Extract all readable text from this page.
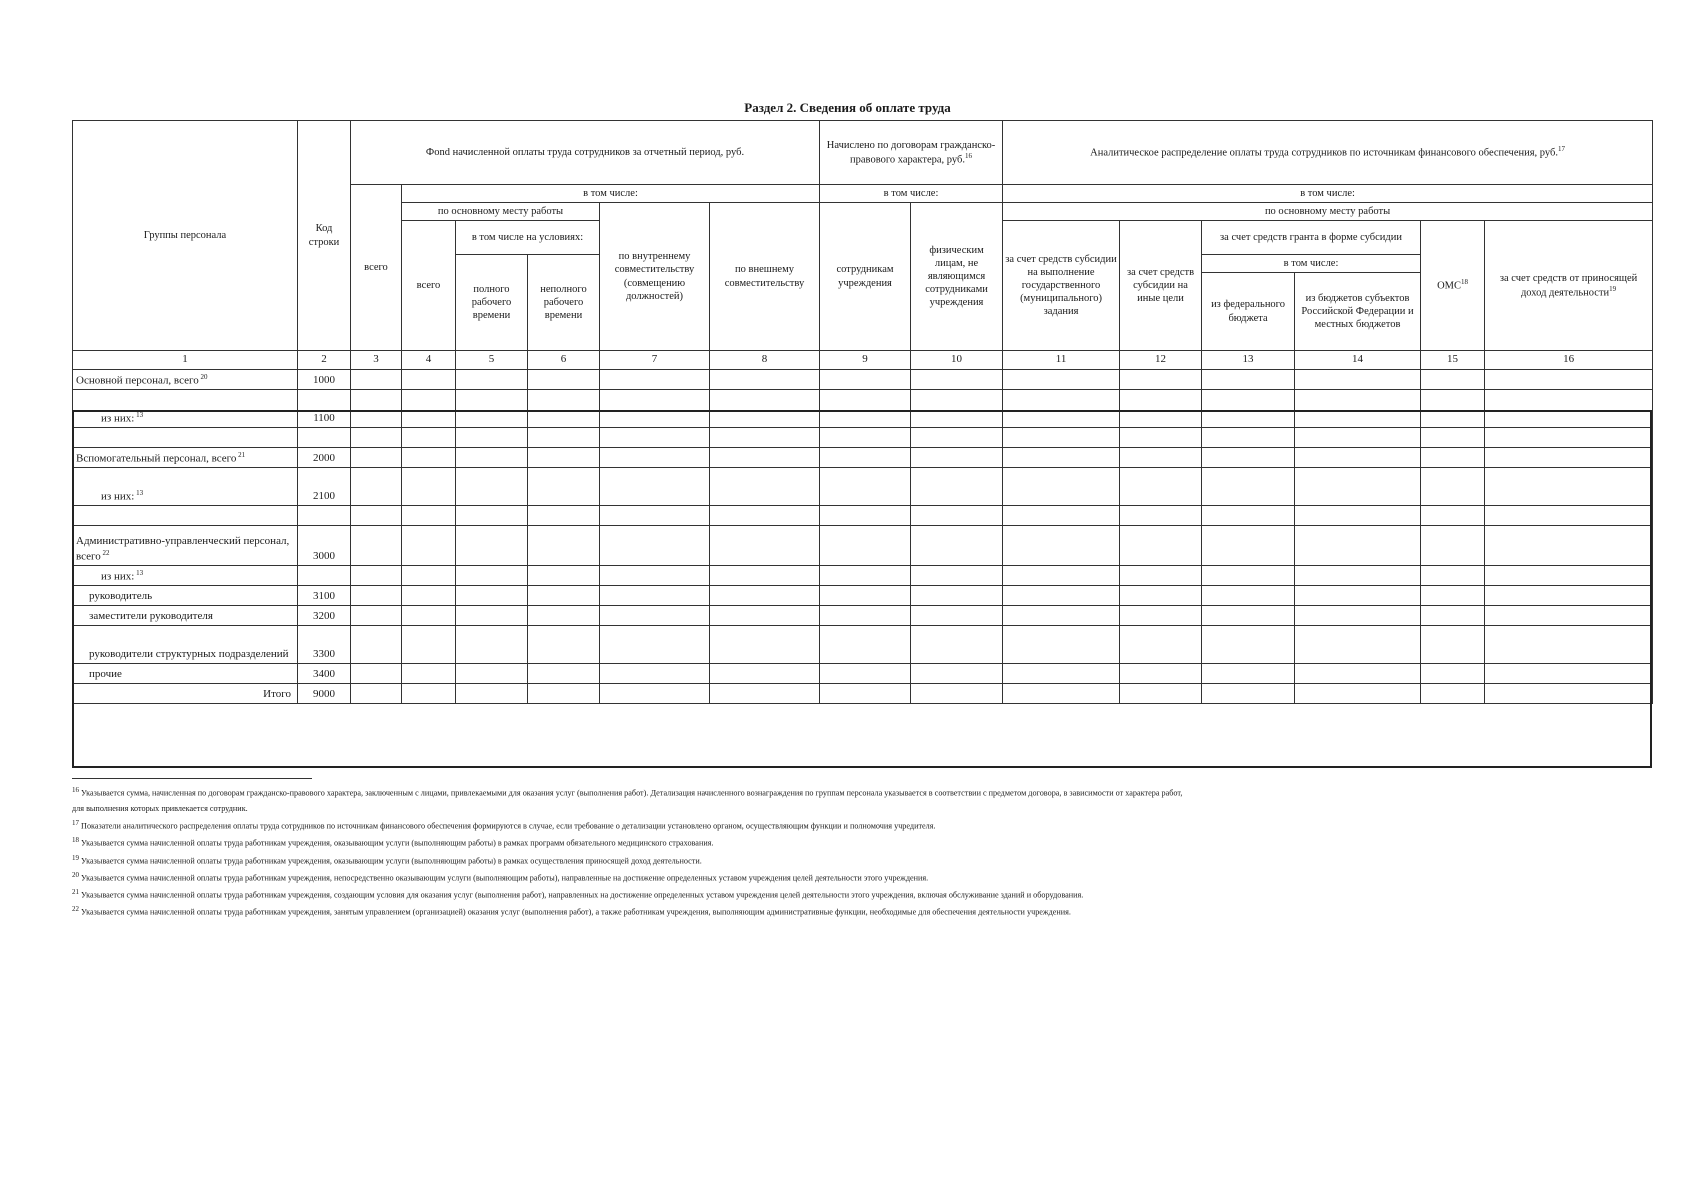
Раздел 2. Сведения об оплате труда
Группы персонала	Код строки	Фond начисленной оплаты труда сотрудников за отчетный период, руб.						Начислено по договорам гражданско-правового характера, руб.$^{16}$		Аналитическое распределение оплаты труда сотрудников по источникам финансового обеспечения, руб.$^{17}$
		всего	в том числе:					в том числе:		в том числе:					
			по основному месту работы			по внутреннему совместительству (совмещению должностей)	по внешнему совместительству	сотрудникам учреждения	физическим лицам, не являющимся сотрудниками учреждения	по основному месту работы					
			всего	в том числе на условиях:						за счет средств субсидии на выполнение государственного (муниципального) задания	за счет средств субсидии на иные цели	за счет средств гранта в форме субсидии		ОМС$^{18}$	за счет средств от приносящей доход деятельности$^{19}$
				полного рабочего времени	неполного рабочего времени							в том числе:			
												из федерального бюджета	из бюджетов субъектов Российской Федерации и местных бюджетов		
1	2	3	4	5	6	7	8	9	10	11	12	13	14	15	16
Основной персонал, всего $^{20}$	1000														
из них: $^{13}$	1100														

Вспомогательный персонал, всего $^{21}$	2000														
из них: $^{13}$	2100														

Административно-управленческий персонал, всего $^{22}$	3000														
из них: $^{13}$															
руководитель	3100														
заместители руководителя	3200														
руководители структурных подразделений	3300														
прочие	3400														
Итого	9000														
16 Указывается сумма, начисленная по договорам гражданско-правового характера, заключенным с лицами, привлекаемыми для оказания услуг (выполнения работ). Детализация начисленного вознаграждения по группам персонала указывается в соответствии с предметом договора, в зависимости от характера работ,
для выполнения которых привлекается сотрудник.
17 Показатели аналитического распределения оплаты труда сотрудников по источникам финансового обеспечения формируются в случае, если требование о детализации установлено органом, осуществляющим функции и полномочия учредителя.
18 Указывается сумма начисленной оплаты труда работникам учреждения, оказывающим услуги (выполняющим работы) в рамках программ обязательного медицинского страхования.
19 Указывается сумма начисленной оплаты труда работникам учреждения, оказывающим услуги (выполняющим работы) в рамках осуществления приносящей доход деятельности.
20 Указывается сумма начисленной оплаты труда работникам учреждения, непосредственно оказывающим услуги (выполняющим работы), направленные на достижение определенных уставом учреждения целей деятельности этого учреждения.
21 Указывается сумма начисленной оплаты труда работникам учреждения, создающим условия для оказания услуг (выполнения работ), направленных на достижение определенных уставом учреждения целей деятельности этого учреждения, включая обслуживание зданий и оборудования.
22 Указывается сумма начисленной оплаты труда работникам учреждения, занятым управлением (организацией) оказания услуг (выполнения работ), а также работникам учреждения, выполняющим административные функции, необходимые для обеспечения деятельности учреждения.
